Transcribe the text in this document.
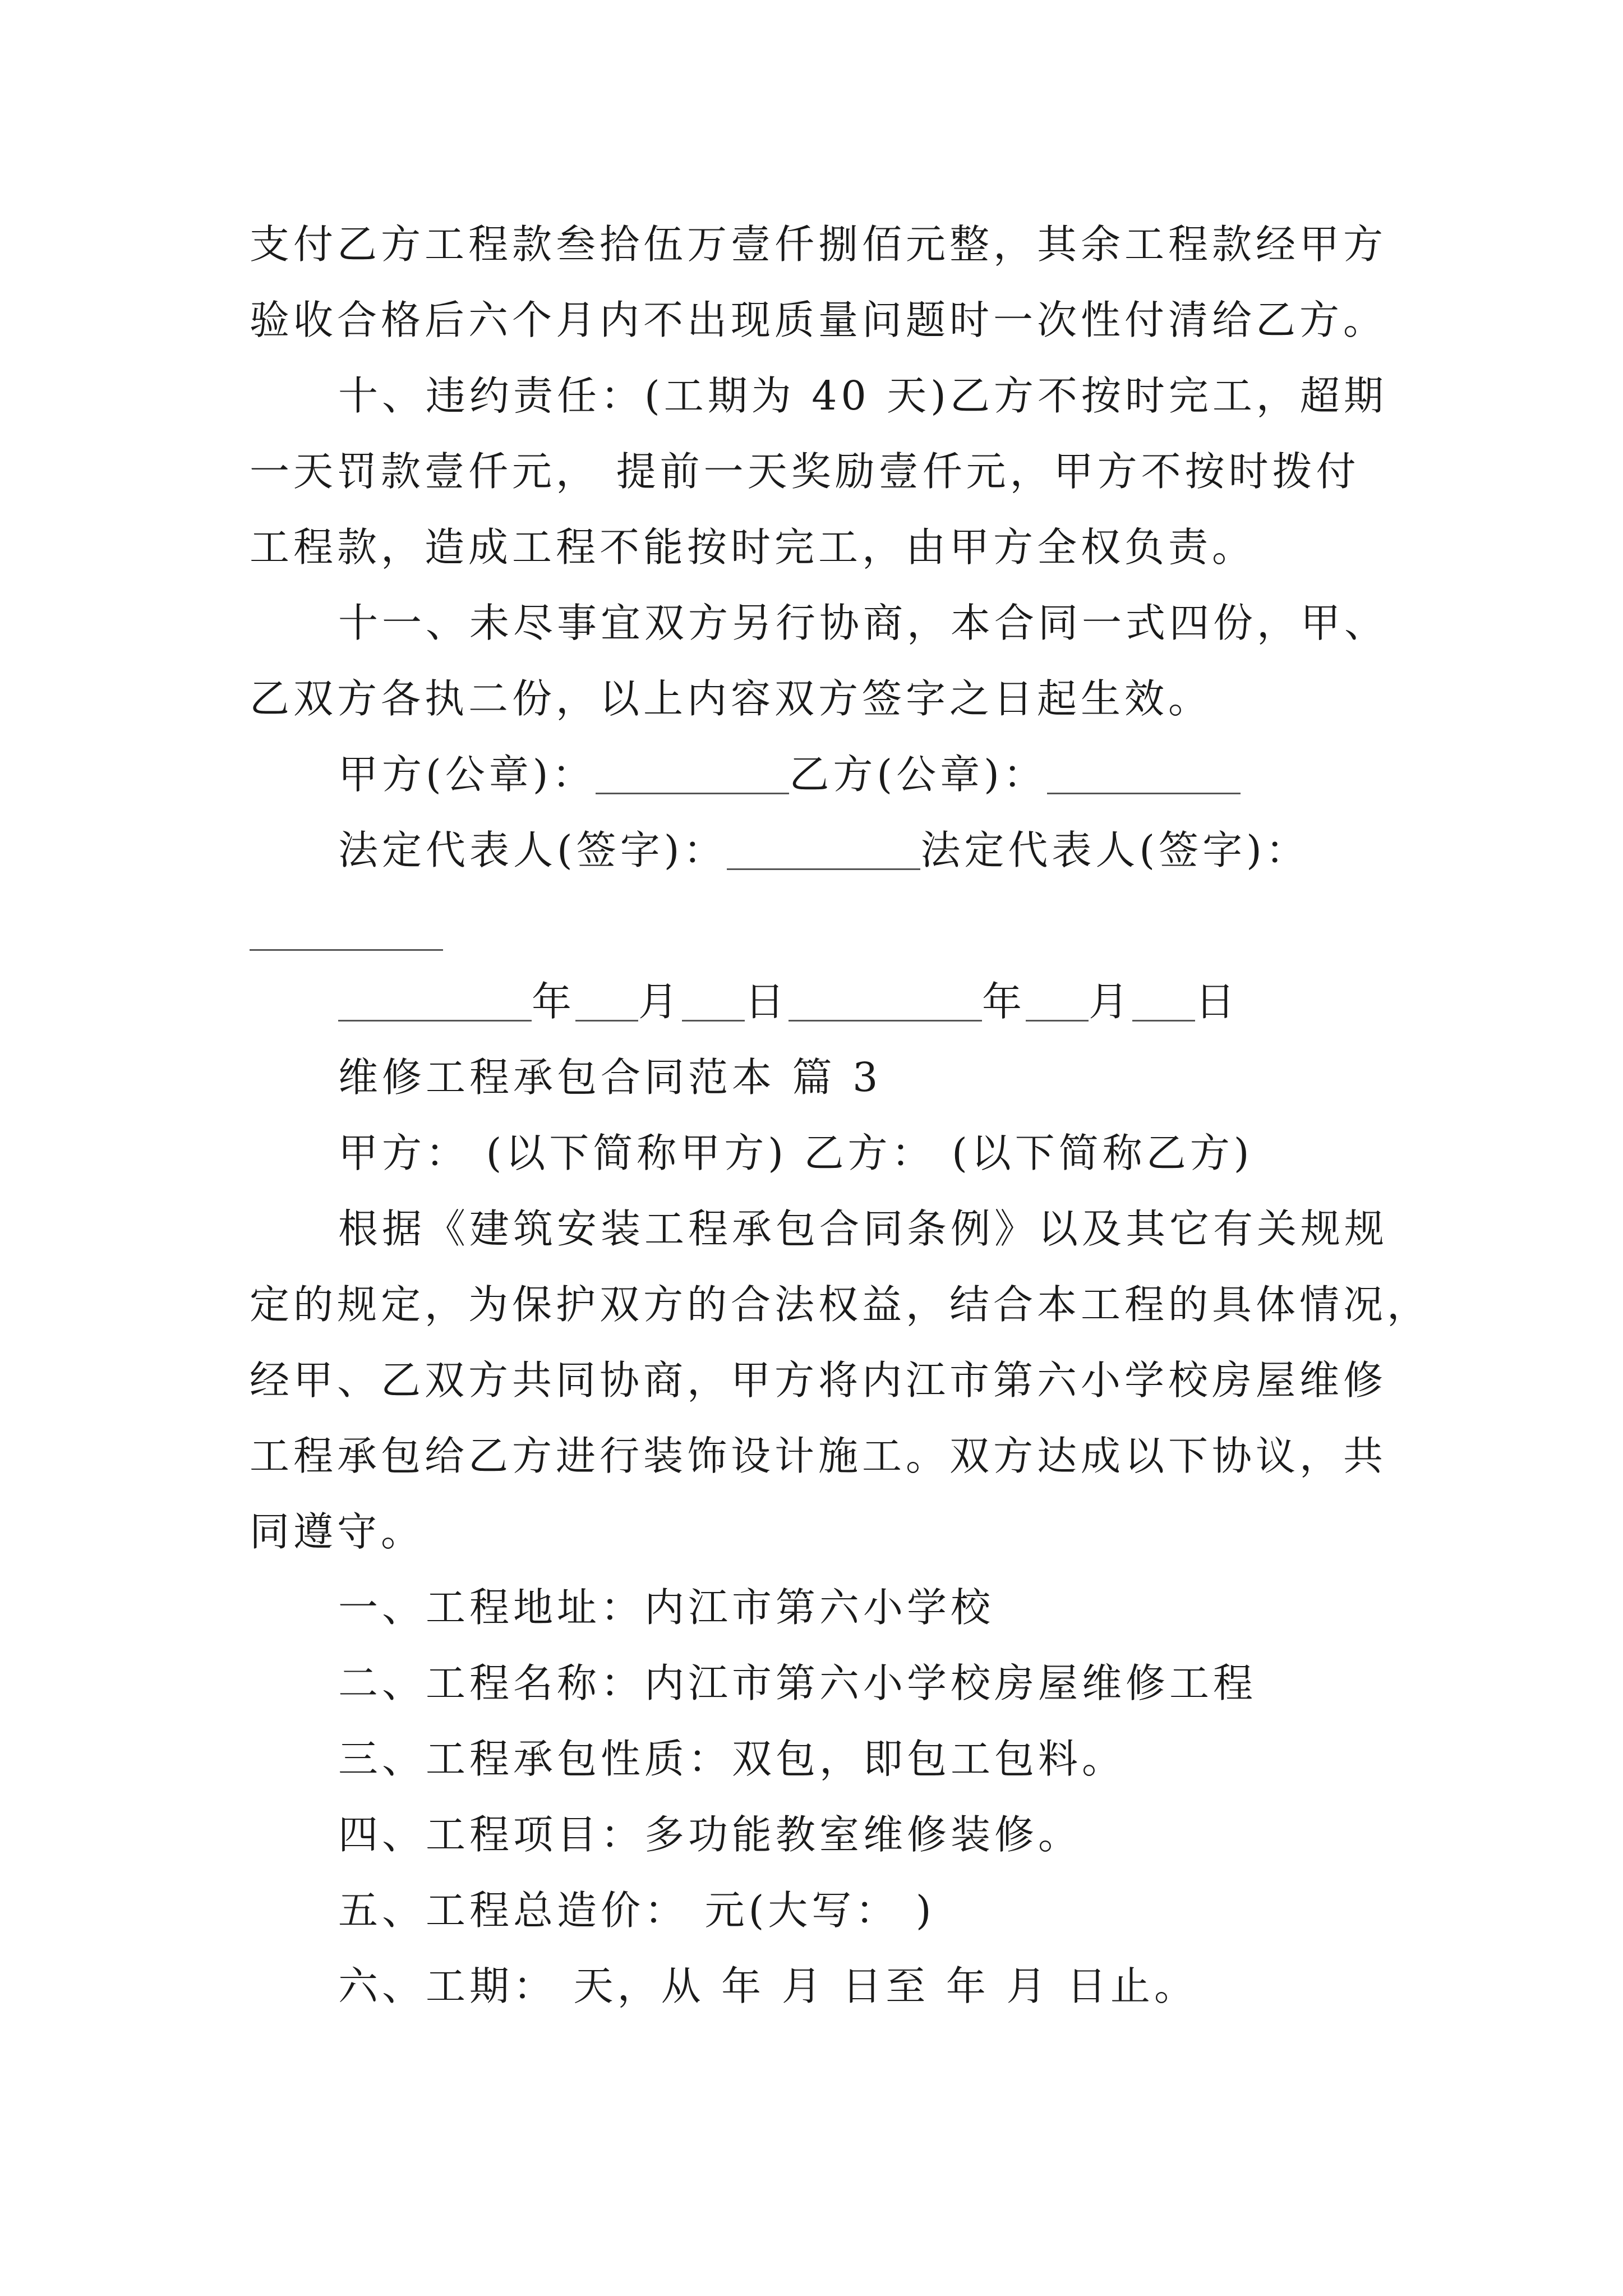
支付乙方工程款叁拾伍万壹仟捌佰元整，其余工程款经甲方
验收合格后六个月内不出现质量问题时一次性付清给乙方。
十、违约责任：(工期为 40 天)乙方不按时完工，超期
一天罚款壹仟元， 提前一天奖励壹仟元，甲方不按时拨付
工程款，造成工程不能按时完工，由甲方全权负责。
十一、未尽事宜双方另行协商，本合同一式四份，甲、
乙双方各执二份，以上内容双方签字之日起生效。
甲方(公章)：	乙方(公章)：
法定代表人(签字)：	法定代表人(签字)：
年 月 日	年 月 日
维修工程承包合同范本 篇 3
甲方： (以下简称甲方) 乙方： (以下简称乙方)
根据《建筑安装工程承包合同条例》以及其它有关规规
定的规定，为保护双方的合法权益，结合本工程的具体情况，
经甲、乙双方共同协商，甲方将内江市第六小学校房屋维修
工程承包给乙方进行装饰设计施工。双方达成以下协议，共
同遵守。
一、工程地址：内江市第六小学校
二、工程名称：内江市第六小学校房屋维修工程
三、工程承包性质：双包，即包工包料。
四、工程项目：多功能教室维修装修。
五、工程总造价： 元(大写： )
六、工期： 天，从 年 月 日至 年 月 日止。
